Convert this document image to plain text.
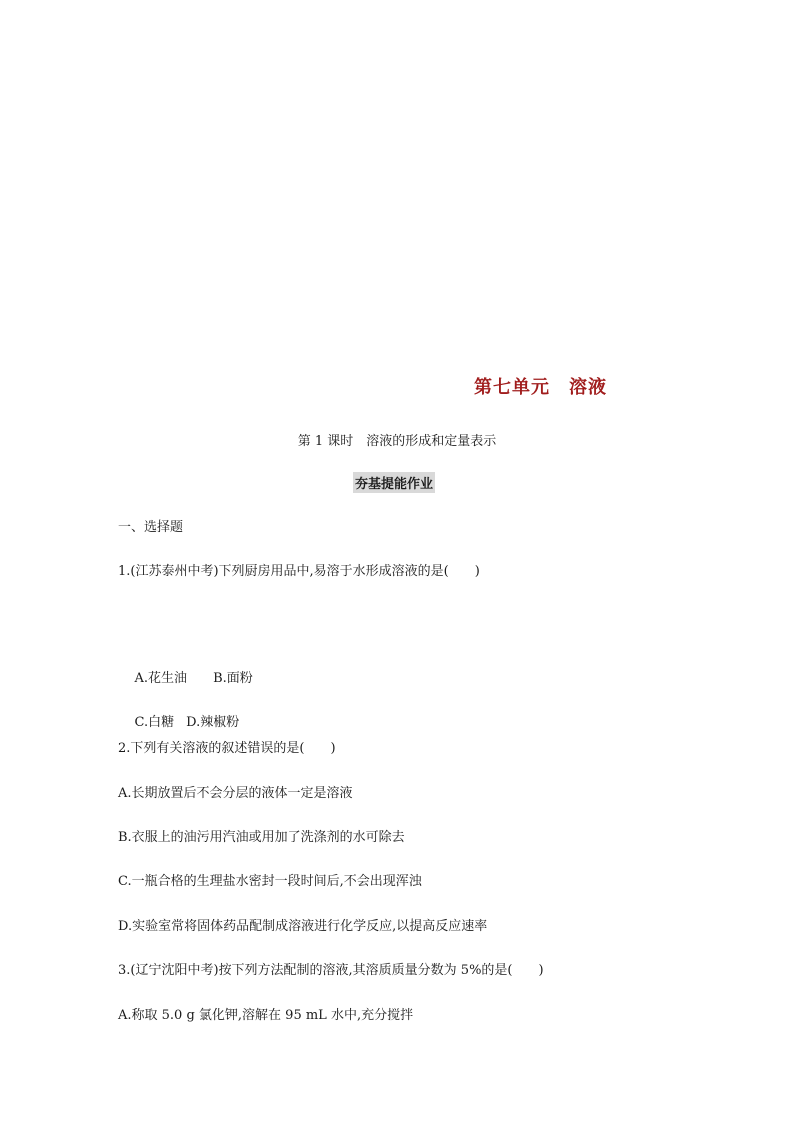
第七单元　溶液
第 1 课时　溶液的形成和定量表示
夯基提能作业
一、选择题
1.(江苏泰州中考)下列厨房用品中,易溶于水形成溶液的是(　　)

A.花生油 B.面粉

C.白糖 D.辣椒粉

2.下列有关溶液的叙述错误的是(　　)
A.长期放置后不会分层的液体一定是溶液
B.衣服上的油污用汽油或用加了洗涤剂的水可除去
C.一瓶合格的生理盐水密封一段时间后,不会出现浑浊
D.实验室常将固体药品配制成溶液进行化学反应,以提高反应速率
3.(辽宁沈阳中考)按下列方法配制的溶液,其溶质质量分数为 5%的是(　　)
A.称取 5.0 g 氯化钾,溶解在 95 mL 水中,充分搅拌
